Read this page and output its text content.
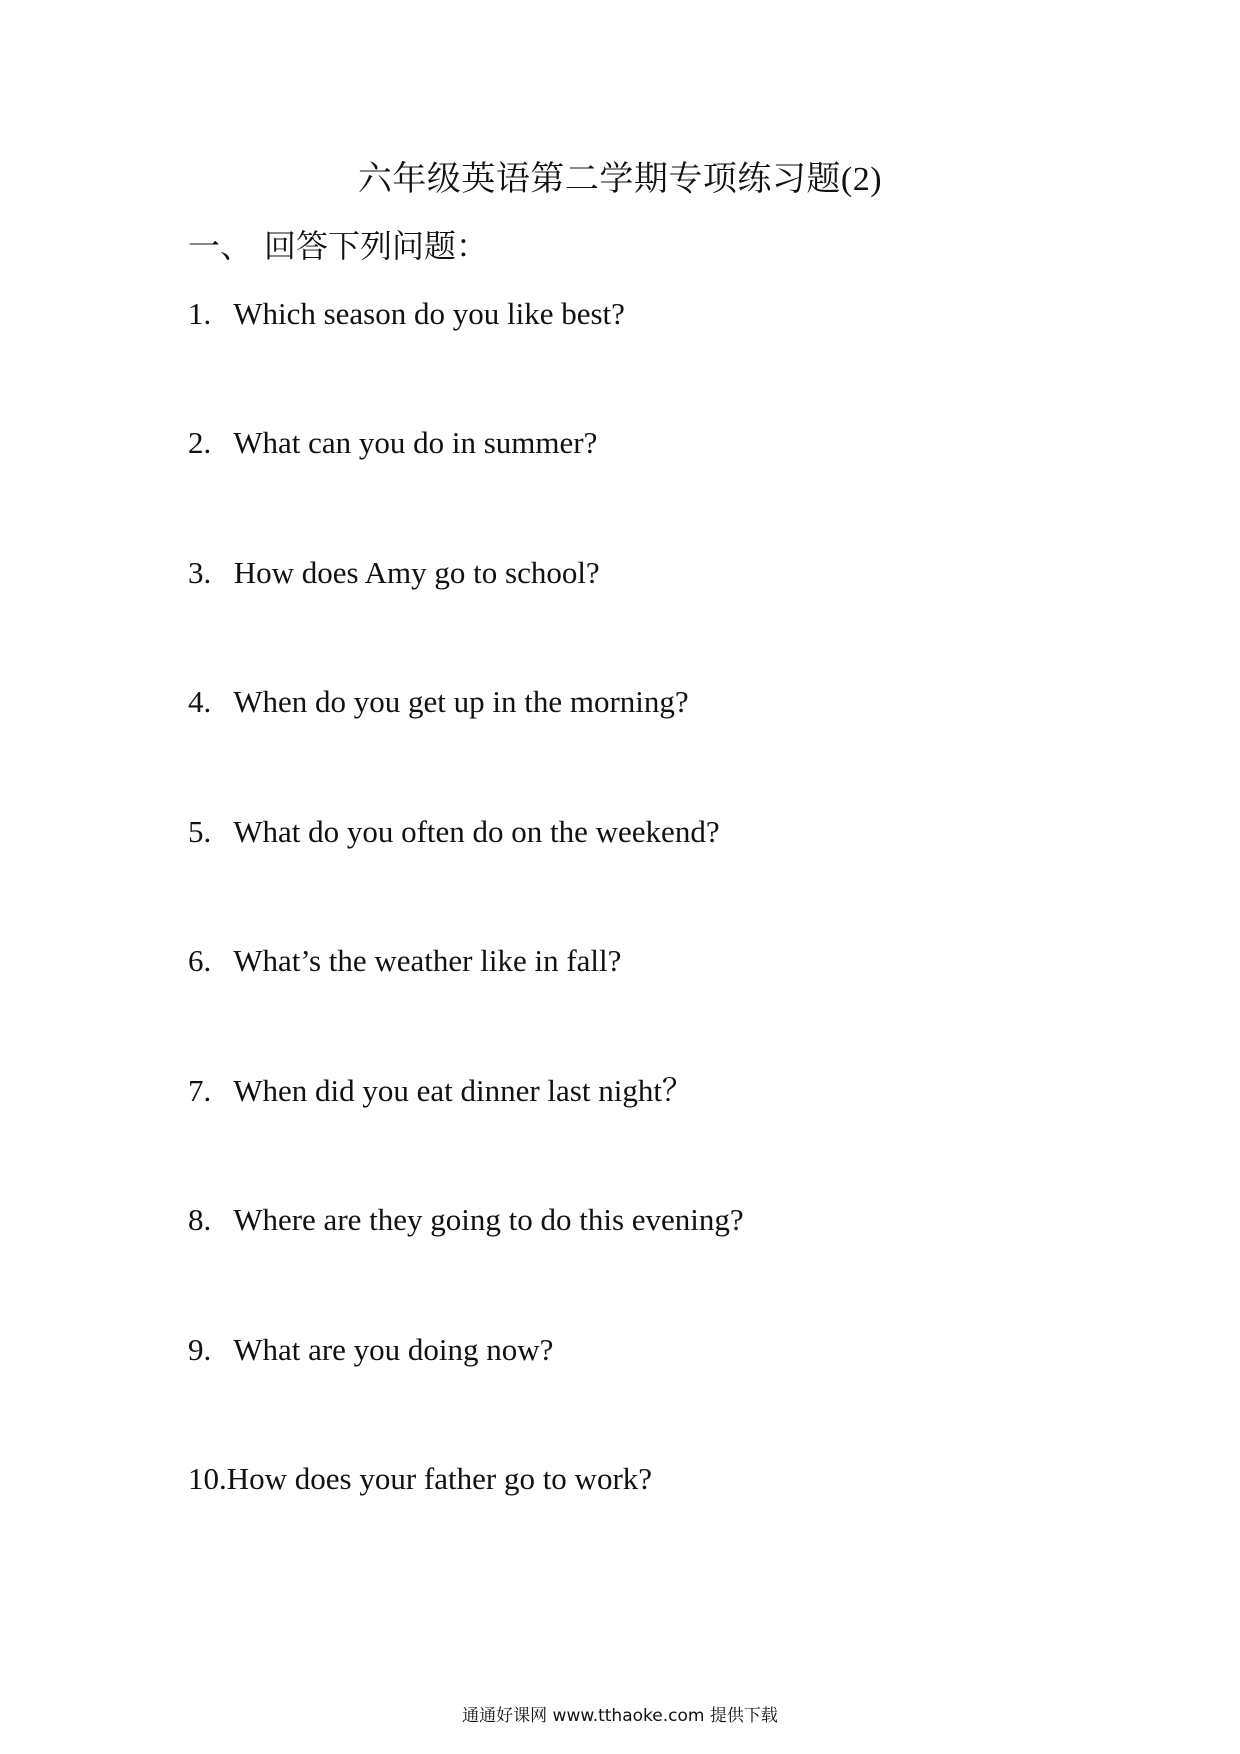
六年级英语第二学期专项练习题(2)
一、 回答下列问题：
1. Which season do you like best?
2. What can you do in summer?
3. How does Amy go to school?
4. When do you get up in the morning?
5. What do you often do on the weekend?
6. What’s the weather like in fall?
7. When did you eat dinner last night？
8. Where are they going to do this evening?
9. What are you doing now?
10.How does your father go to work?
通通好课网 www.tthaoke.com 提供下载
